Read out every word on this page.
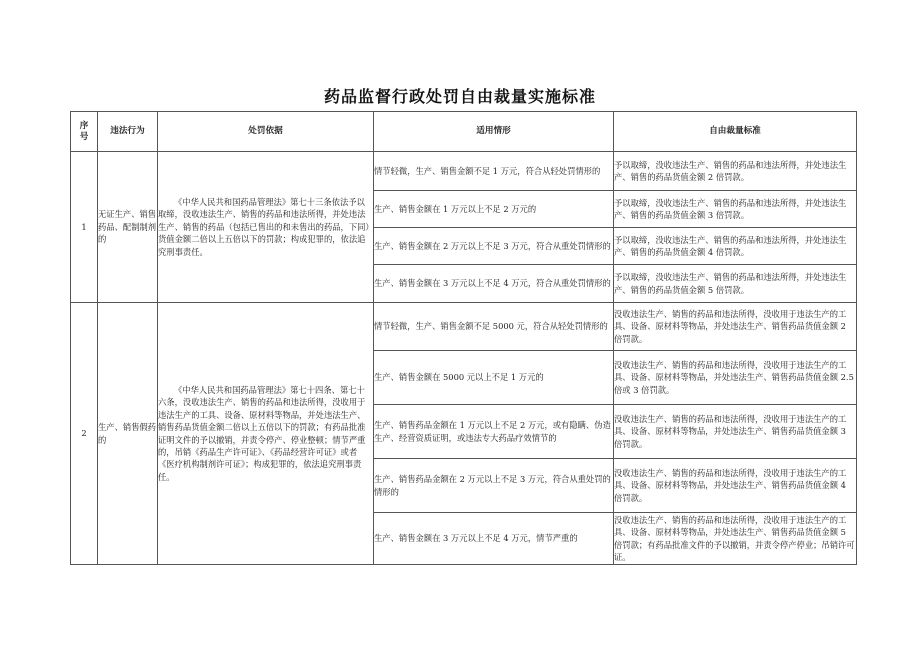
药品监督行政处罚自由裁量实施标准
序号	违法行为	处罚依据	适用情形	自由裁量标准
1	无证生产、销售药品、配制制剂的	《中华人民共和国药品管理法》第七十三条依法予以取缔，没收违法生产、销售的药品和违法所得，并处违法生产、销售的药品（包括已售出的和未售出的药品，下同）货值金额二倍以上五倍以下的罚款；构成犯罪的，依法追究刑事责任。	情节轻微，生产、销售金额不足 1 万元，符合从轻处罚情形的	予以取缔，没收违法生产、销售的药品和违法所得，并处违法生产、销售的药品货值金额 2 倍罚款。
			生产、销售金额在 1 万元以上不足 2 万元的	予以取缔，没收违法生产、销售的药品和违法所得，并处违法生产、销售的药品货值金额 3 倍罚款。
			生产、销售金额在 2 万元以上不足 3 万元，符合从重处罚情形的	予以取缔，没收违法生产、销售的药品和违法所得，并处违法生产、销售的药品货值金额 4 倍罚款。
			生产、销售金额在 3 万元以上不足 4 万元，符合从重处罚情形的	予以取缔，没收违法生产、销售的药品和违法所得，并处违法生产、销售的药品货值金额 5 倍罚款。
2	生产、销售假药的	《中华人民共和国药品管理法》第七十四条、第七十六条，没收违法生产、销售的药品和违法所得，没收用于违法生产的工具、设备、原材料等物品，并处违法生产、销售药品货值金额二倍以上五倍以下的罚款；有药品批准证明文件的予以撤销，并责令停产、停业整顿；情节严重的，吊销《药品生产许可证》、《药品经营许可证》或者《医疗机构制剂许可证》；构成犯罪的，依法追究刑事责任。	情节轻微，生产、销售金额不足 5000 元，符合从轻处罚情形的	没收违法生产、销售的药品和违法所得，没收用于违法生产的工具、设备、原材料等物品，并处违法生产、销售药品货值金额 2 倍罚款。
			生产、销售金额在 5000 元以上不足 1 万元的	没收违法生产、销售的药品和违法所得，没收用于违法生产的工具、设备、原材料等物品，并处违法生产、销售药品货值金额 2.5 倍或 3 倍罚款。
			生产、销售药品金额在 1 万元以上不足 2 万元，或有隐瞒、伪造生产、经营资质证明，或违法专大药品疗效情节的	没收违法生产、销售的药品和违法所得，没收用于违法生产的工具、设备、原材料等物品，并处违法生产、销售药品货值金额 3 倍罚款。
			生产、销售药品金额在 2 万元以上不足 3 万元，符合从重处罚的情形的	没收违法生产、销售的药品和违法所得，没收用于违法生产的工具、设备、原材料等物品，并处违法生产、销售药品货值金额 4 倍罚款。
			生产、销售金额在 3 万元以上不足 4 万元，情节严重的	没收违法生产、销售的药品和违法所得，没收用于违法生产的工具、设备、原材料等物品，并处违法生产、销售药品货值金额 5 倍罚款；有药品批准文件的予以撤销，并责令停产停业；吊销许可证。
